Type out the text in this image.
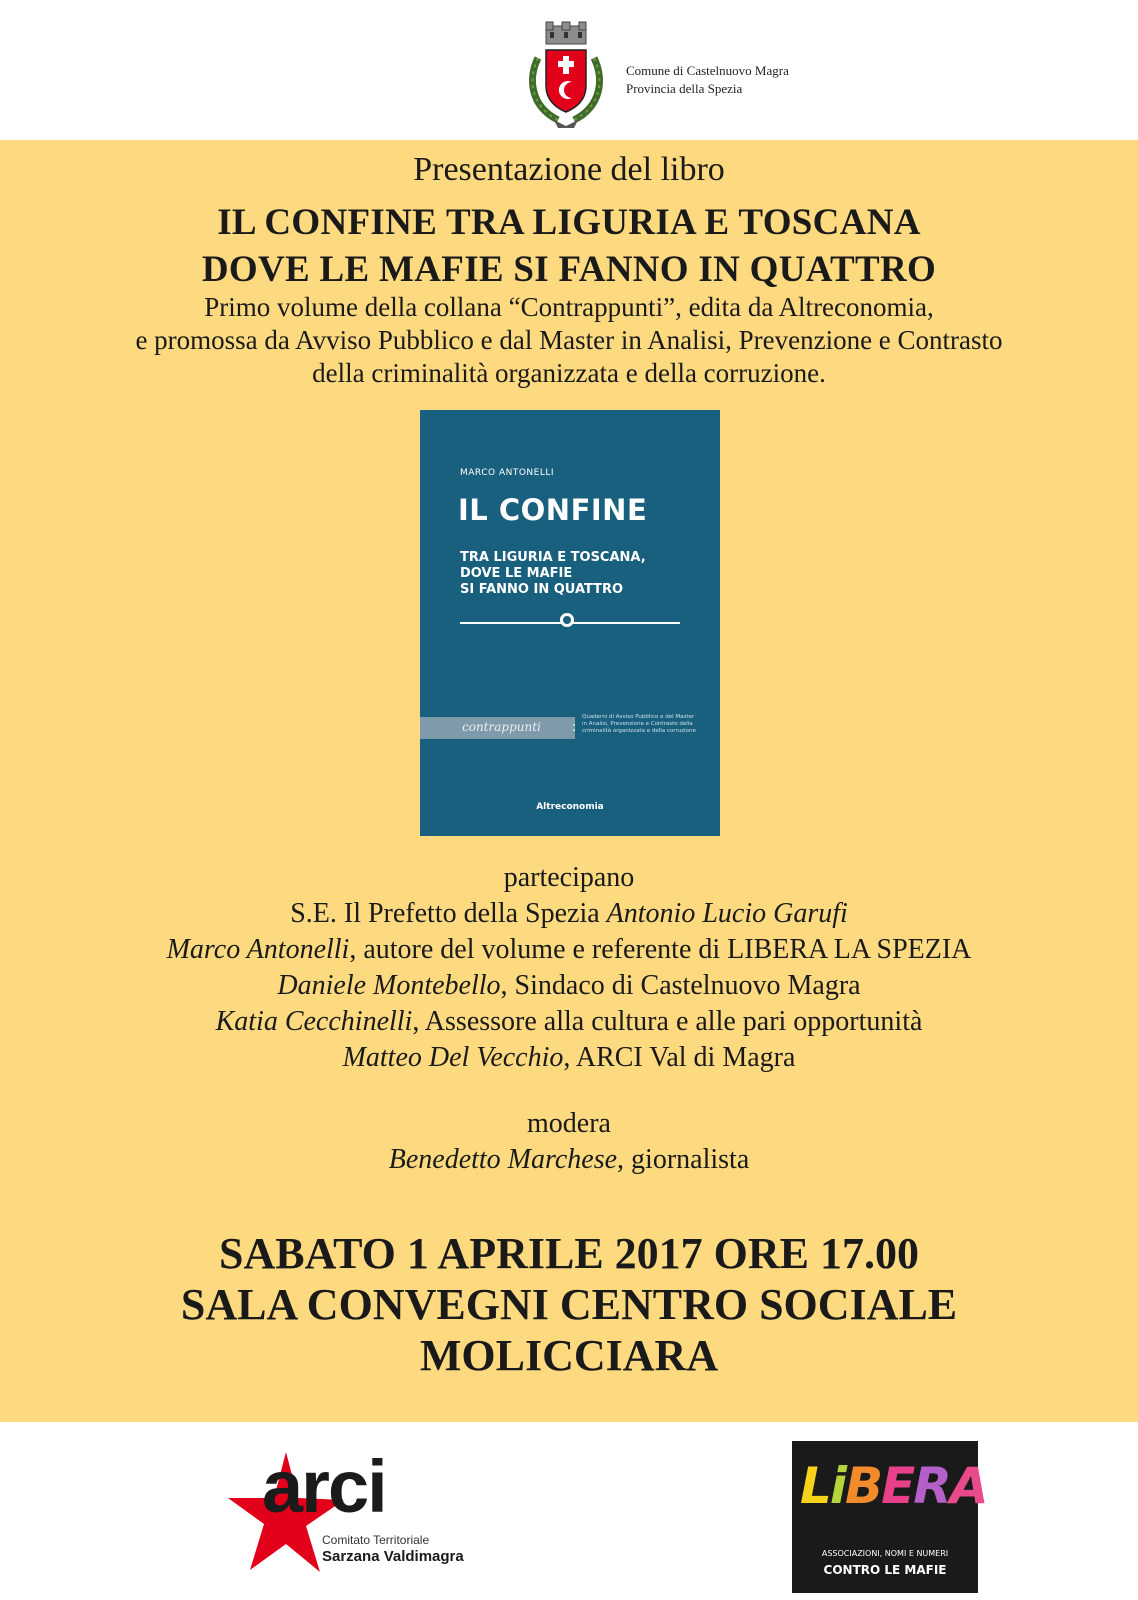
Comune di Castelnuovo Magra
Provincia della Spezia
Presentazione del libro
IL CONFINE TRA LIGURIA E TOSCANA
DOVE LE MAFIE SI FANNO IN QUATTRO
Primo volume della collana “Contrappunti”, edita da Altreconomia,
e promossa da Avviso Pubblico e dal Master in Analisi, Prevenzione e Contrasto
della criminalità organizzata e della corruzione.
MARCO ANTONELLI
IL CONFINE
TRA LIGURIA E TOSCANA,
DOVE LE MAFIE
SI FANNO IN QUATTRO
contrappunti :
Quaderni di Avviso Pubblico e del Master in Analisi, Prevenzione e Contrasto della criminalità organizzata e della corruzione
Altreconomia
partecipano
S.E. Il Prefetto della Spezia Antonio Lucio Garufi
Marco Antonelli, autore del volume e referente di LIBERA LA SPEZIA
Daniele Montebello, Sindaco di Castelnuovo Magra
Katia Cecchinelli, Assessore alla cultura e alle pari opportunità
Matteo Del Vecchio, ARCI Val di Magra
modera
Benedetto Marchese, giornalista
SABATO 1 APRILE 2017 ORE 17.00
SALA CONVEGNI CENTRO SOCIALE
MOLICCIARA
arci
Comitato Territoriale
Sarzana Valdimagra
LiBERA
ASSOCIAZIONI, NOMI E NUMERI
CONTRO LE MAFIE
